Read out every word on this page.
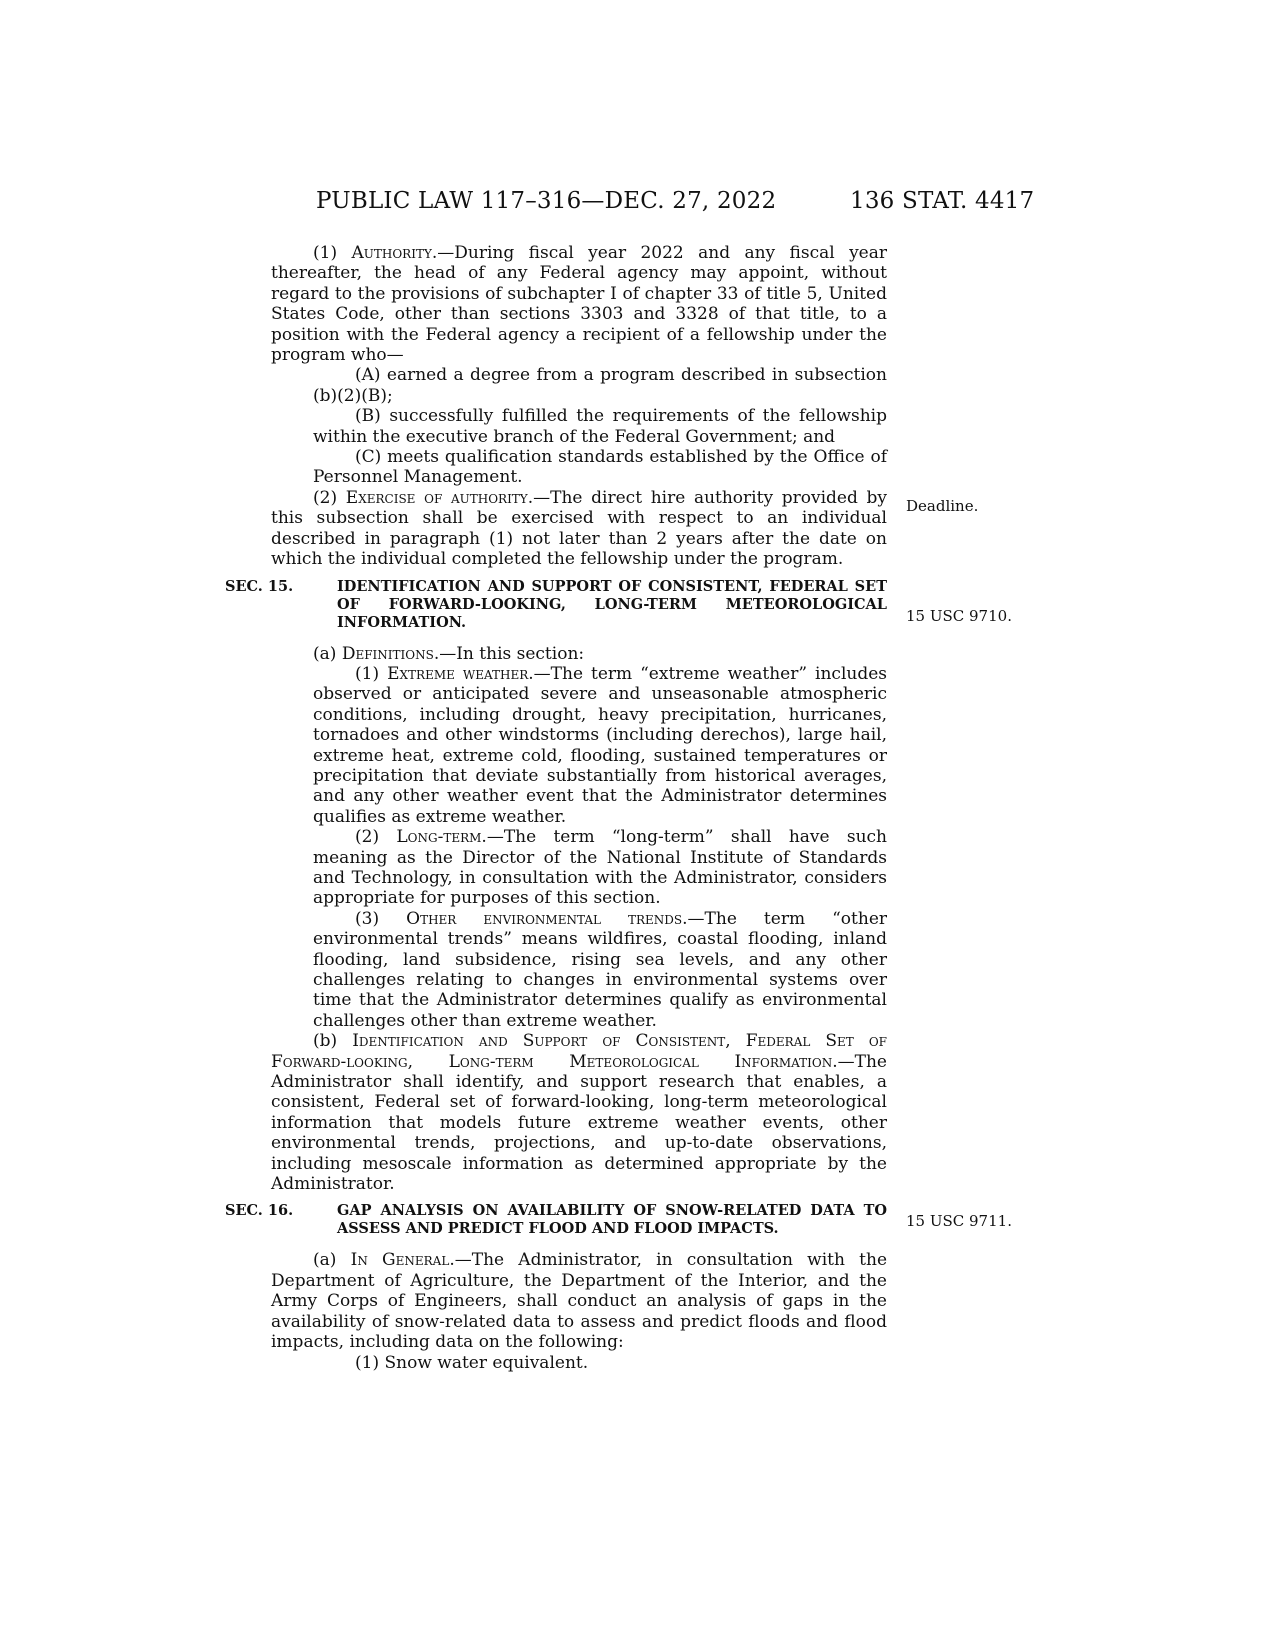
PUBLIC LAW 117–316—DEC. 27, 2022	136 STAT. 4417
Deadline.
15 USC 9710.
15 USC 9711.

(1) Authority.—During fiscal year 2022 and any fiscal year thereafter, the head of any Federal agency may appoint, without regard to the provisions of subchapter I of chapter 33 of title 5, United States Code, other than sections 3303 and 3328 of that title, to a position with the Federal agency a recipient of a fellowship under the program who—

(A) earned a degree from a program described in subsection (b)(2)(B);

(B) successfully fulfilled the requirements of the fellowship within the executive branch of the Federal Government; and

(C) meets qualification standards established by the Office of Personnel Management.

(2) Exercise of authority.—The direct hire authority provided by this subsection shall be exercised with respect to an individual described in paragraph (1) not later than 2 years after the date on which the individual completed the fellowship under the program.

SEC. 15.	IDENTIFICATION AND SUPPORT OF CONSISTENT, FEDERAL SET OF FORWARD-LOOKING, LONG-TERM METEOROLOGICAL INFORMATION.

(a) Definitions.—In this section:

(1) Extreme weather.—The term “extreme weather” includes observed or anticipated severe and unseasonable atmospheric conditions, including drought, heavy precipitation, hurricanes, tornadoes and other windstorms (including derechos), large hail, extreme heat, extreme cold, flooding, sustained temperatures or precipitation that deviate substantially from historical averages, and any other weather event that the Administrator determines qualifies as extreme weather.

(2) Long-term.—The term “long-term” shall have such meaning as the Director of the National Institute of Standards and Technology, in consultation with the Administrator, considers appropriate for purposes of this section.

(3) Other environmental trends.—The term “other environmental trends” means wildfires, coastal flooding, inland flooding, land subsidence, rising sea levels, and any other challenges relating to changes in environmental systems over time that the Administrator determines qualify as environmental challenges other than extreme weather.

(b) Identification and Support of Consistent, Federal Set of Forward-looking, Long-term Meteorological Information.—The Administrator shall identify, and support research that enables, a consistent, Federal set of forward-looking, long-term meteorological information that models future extreme weather events, other environmental trends, projections, and up-to-date observations, including mesoscale information as determined appropriate by the Administrator.

SEC. 16.	GAP ANALYSIS ON AVAILABILITY OF SNOW-RELATED DATA TO ASSESS AND PREDICT FLOOD AND FLOOD IMPACTS.

(a) In General.—The Administrator, in consultation with the Department of Agriculture, the Department of the Interior, and the Army Corps of Engineers, shall conduct an analysis of gaps in the availability of snow-related data to assess and predict floods and flood impacts, including data on the following:

(1) Snow water equivalent.
